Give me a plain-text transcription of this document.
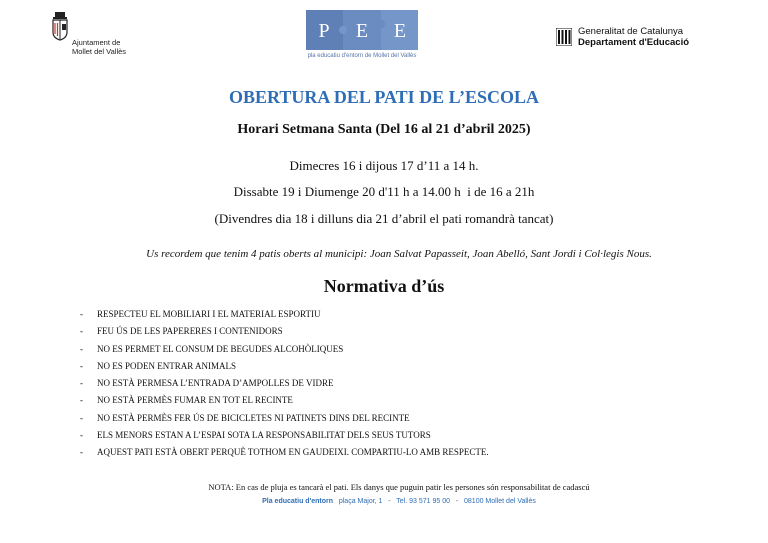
Ajuntament de
Mollet del Vallès
P E E
pla educatiu d'entorn de Mollet del Vallès
Generalitat de Catalunya
Departament d'Educació
OBERTURA DEL PATI DE L’ESCOLA
Horari Setmana Santa (Del 16 al 21 d’abril 2025)
Dimecres 16 i dijous 17 d’11 a 14 h.
Dissabte 19 i Diumenge 20 d'11 h a 14.00 h  i de 16 a 21h
(Divendres dia 18 i dilluns dia 21 d’abril el pati romandrà tancat)
Us recordem que tenim 4 patis oberts al municipi: Joan Salvat Papasseit, Joan Abelló, Sant Jordi i Col·legis Nous.
Normativa d’ús
- RESPECTEU EL MOBILIARI I EL MATERIAL ESPORTIU
- FEU ÚS DE LES PAPERERES I CONTENIDORS
- NO ES PERMET EL CONSUM DE BEGUDES ALCOHÒLIQUES
- NO ES PODEN ENTRAR ANIMALS
- NO ESTÀ PERMESA L’ENTRADA D’AMPOLLES DE VIDRE
- NO ESTÀ PERMÈS FUMAR EN TOT EL RECINTE
- NO ESTÀ PERMÈS FER ÚS DE BICICLETES NI PATINETS DINS DEL RECINTE
- ELS MENORS ESTAN A L’ESPAI SOTA LA RESPONSABILITAT DELS SEUS TUTORS
- AQUEST PATI ESTÀ OBERT PERQUÈ TOTHOM EN GAUDEIXI. COMPARTIU-LO AMB RESPECTE.
NOTA: En cas de pluja es tancarà el pati. Els danys que puguin patir les persones són responsabilitat de cadascú
Pla educatiu d'entorn plaça Major, 1   -   Tel. 93 571 95 00   -   08100 Mollet del Vallès
